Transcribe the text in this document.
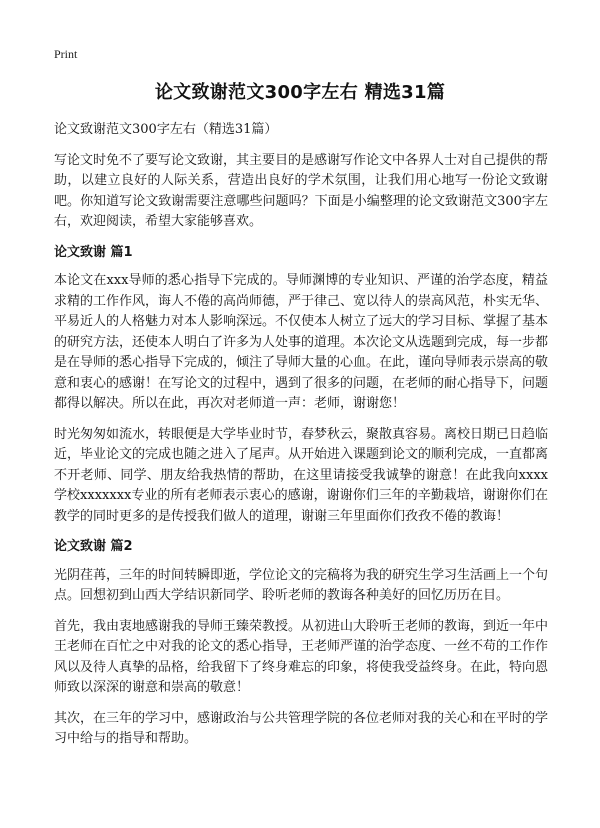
Print
论文致谢范文300字左右 精选31篇

论文致谢范文300字左右（精选31篇）

写论文时免不了要写论文致谢，其主要目的是感谢写作论文中各界人士对自己提供的帮助，以建立良好的人际关系，营造出良好的学术氛围，让我们用心地写一份论文致谢吧。你知道写论文致谢需要注意哪些问题吗？下面是小编整理的论文致谢范文300字左右，欢迎阅读，希望大家能够喜欢。

论文致谢 篇1

本论文在xxx导师的悉心指导下完成的。导师渊博的专业知识、严谨的治学态度，精益求精的工作作风，诲人不倦的高尚师德，严于律己、宽以待人的崇高风范，朴实无华、平易近人的人格魅力对本人影响深远。不仅使本人树立了远大的学习目标、掌握了基本的研究方法，还使本人明白了许多为人处事的道理。本次论文从选题到完成，每一步都是在导师的悉心指导下完成的，倾注了导师大量的心血。在此，谨向导师表示崇高的敬意和衷心的感谢！在写论文的过程中，遇到了很多的问题，在老师的耐心指导下，问题都得以解决。所以在此，再次对老师道一声：老师，谢谢您！

时光匆匆如流水，转眼便是大学毕业时节，春梦秋云，聚散真容易。离校日期已日趋临近，毕业论文的完成也随之进入了尾声。从开始进入课题到论文的顺利完成，一直都离不开老师、同学、朋友给我热情的帮助，在这里请接受我诚挚的谢意！在此我向xxxx学校xxxxxxx专业的所有老师表示衷心的感谢，谢谢你们三年的辛勤栽培，谢谢你们在教学的同时更多的是传授我们做人的道理，谢谢三年里面你们孜孜不倦的教诲！

论文致谢 篇2

光阴荏苒，三年的时间转瞬即逝，学位论文的完稿将为我的研究生学习生活画上一个句点。回想初到山西大学结识新同学、聆听老师的教诲各种美好的回忆历历在目。

首先，我由衷地感谢我的导师王臻荣教授。从初进山大聆听王老师的教诲，到近一年中王老师在百忙之中对我的论文的悉心指导，王老师严谨的治学态度、一丝不苟的工作作风以及待人真挚的品格，给我留下了终身难忘的印象，将使我受益终身。在此，特向恩师致以深深的谢意和崇高的敬意！

其次，在三年的学习中，感谢政治与公共管理学院的各位老师对我的关心和在平时的学习中给与的指导和帮助。
